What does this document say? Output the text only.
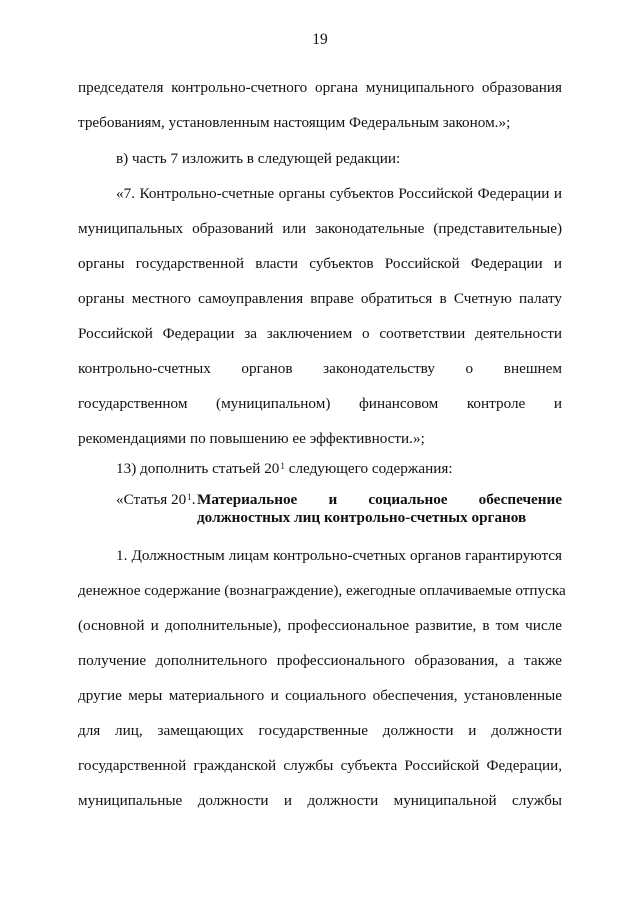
19
председателя контрольно-счетного органа муниципального образования
требованиям, установленным настоящим Федеральным законом.»;
в) часть 7 изложить в следующей редакции:
«7. Контрольно-счетные органы субъектов Российской Федерации и
муниципальных образований или законодательные (представительные)
органы государственной власти субъектов Российской Федерации и
органы местного самоуправления вправе обратиться в Счетную палату
Российской Федерации за заключением о соответствии деятельности
контрольно-счетных органов законодательству о внешнем
государственном (муниципальном) финансовом контроле и
рекомендациями по повышению ее эффективности.»;
13) дополнить статьей $20^1$ следующего содержания:
«Статья $20^1$. Материальное и социальное обеспечение
должностных лиц контрольно-счетных органов
1. Должностным лицам контрольно-счетных органов гарантируются
денежное содержание (вознаграждение), ежегодные оплачиваемые отпуска
(основной и дополнительные), профессиональное развитие, в том числе
получение дополнительного профессионального образования, а также
другие меры материального и социального обеспечения, установленные
для лиц, замещающих государственные должности и должности
государственной гражданской службы субъекта Российской Федерации,
муниципальные должности и должности муниципальной службы
